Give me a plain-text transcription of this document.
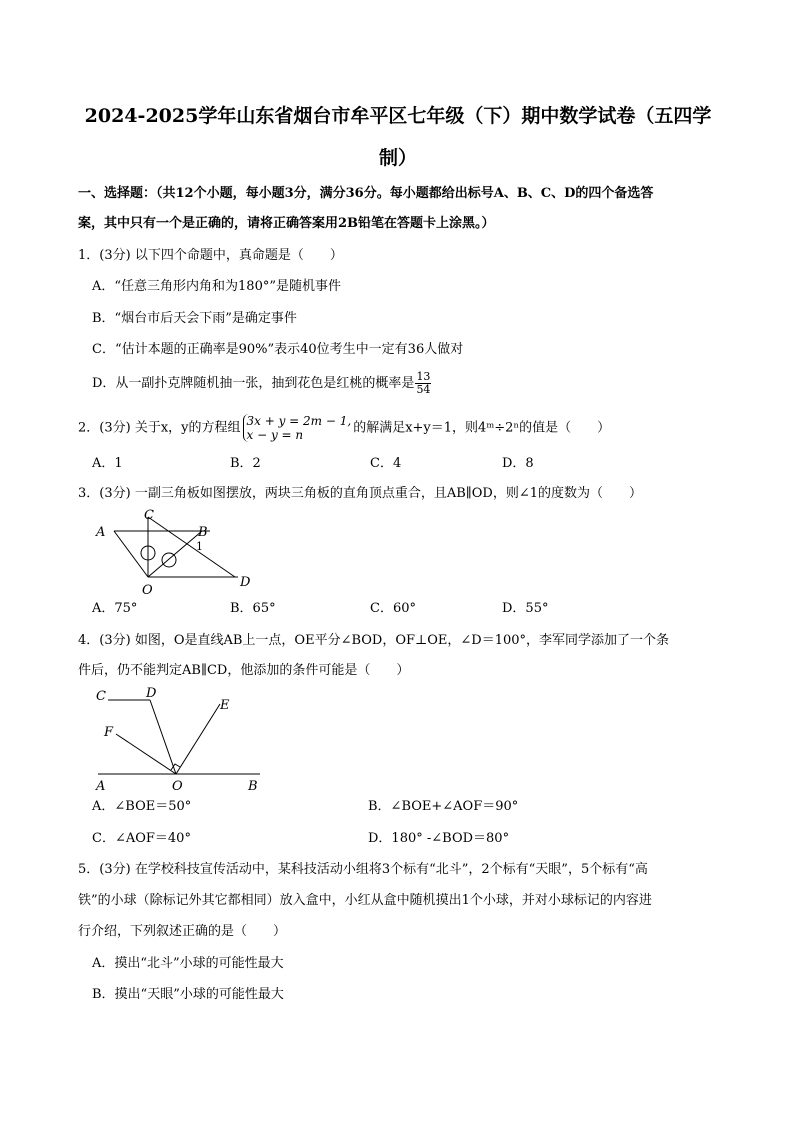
2024-2025学年山东省烟台市牟平区七年级（下）期中数学试卷（五四学
制）
一、选择题：（共12个小题，每小题3分，满分36分。每小题都给出标号A、B、C、D的四个备选答
案，其中只有一个是正确的，请将正确答案用2B铅笔在答题卡上涂黑。）
1．(3分) 以下四个命题中，真命题是（　　）
A．“任意三角形内角和为180°”是随机事件
B．“烟台市后天会下雨”是确定事件
C．“估计本题的正确率是90%”表示40位考生中一定有36人做对
D．从一副扑克牌随机抽一张，抽到花色是红桃的概率是 $\frac{13}{54}$
2．(3分) 关于x，y的方程组 3x + y = 2m − 1,
x − y = n	的解满足x+y＝1，则4ᵐ÷2ⁿ的值是（　　）
A．1	B．2	C．4	D．8
3．(3分) 一副三角板如图摆放，两块三角板的直角顶点重合，且AB∥OD，则∠1的度数为（　　）
A
C
B
1
O
D
A．75°	B．65°	C．60°	D．55°
4．(3分) 如图，O是直线AB上一点，OE平分∠BOD，OF⊥OE，∠D＝100°，李军同学添加了一个条
件后，仍不能判定AB∥CD，他添加的条件可能是（　　）
C	D
E
F
A	O	B
A．∠BOE＝50°	B．∠BOE+∠AOF＝90°
C．∠AOF＝40°	D．180° -∠BOD＝80°
5．(3分) 在学校科技宣传活动中，某科技活动小组将3个标有“北斗”，2个标有“天眼”，5个标有“高
铁”的小球（除标记外其它都相同）放入盒中，小红从盒中随机摸出1个小球，并对小球标记的内容进
行介绍，下列叙述正确的是（　　）
A．摸出“北斗”小球的可能性最大
B．摸出“天眼”小球的可能性最大
